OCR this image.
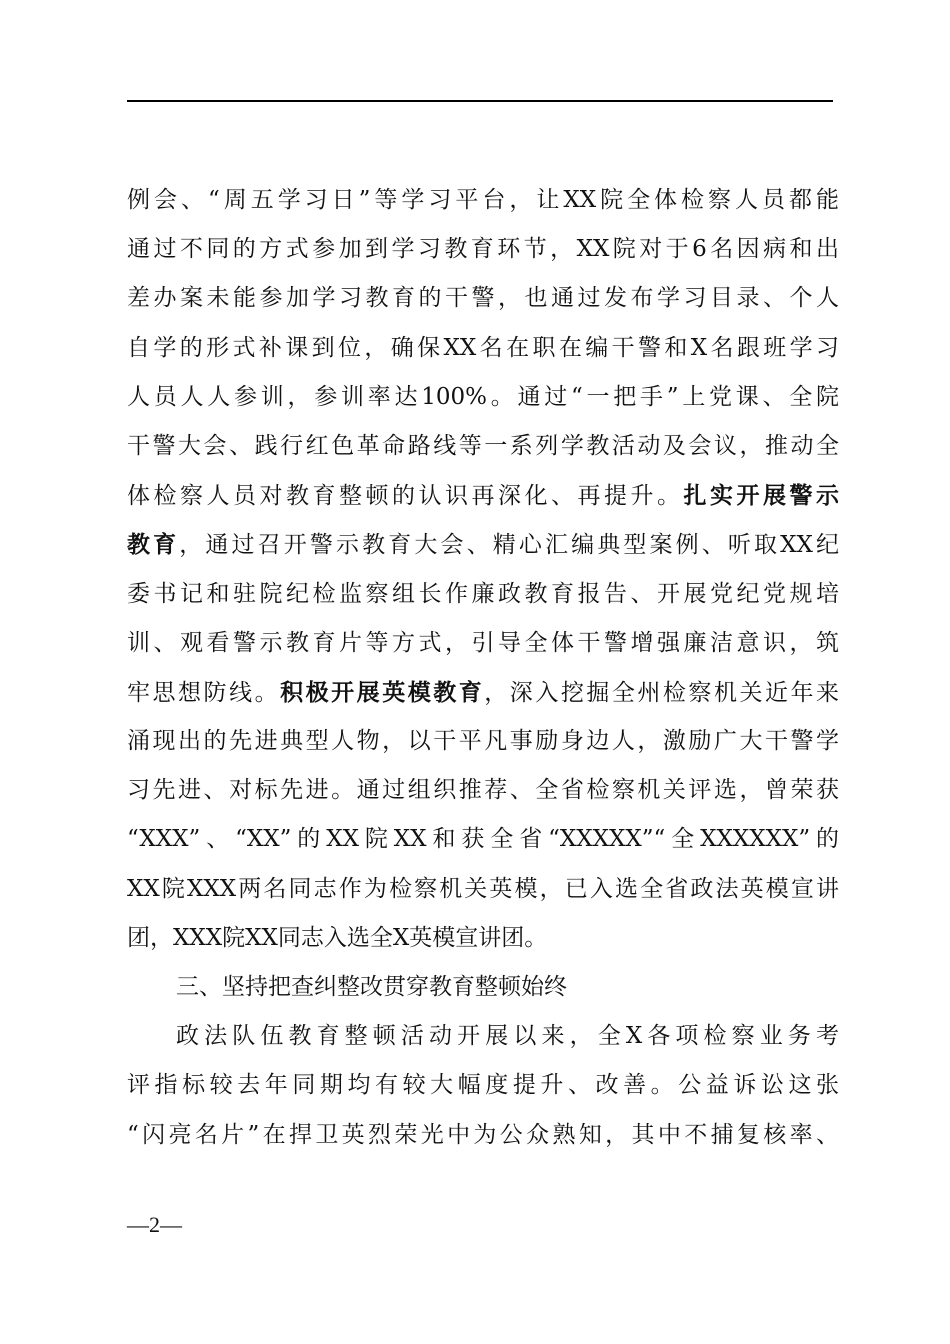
例会、“周五学习日”等学习平台，让XX院全体检察人员都能
通过不同的方式参加到学习教育环节，XX院对于6名因病和出
差办案未能参加学习教育的干警，也通过发布学习目录、个人
自学的形式补课到位，确保XX名在职在编干警和X名跟班学习
人员人人参训，参训率达100%。通过“一把手”上党课、全院
干警大会、践行红色革命路线等一系列学教活动及会议，推动全
体检察人员对教育整顿的认识再深化、再提升。扎实开展警示
教育，通过召开警示教育大会、精心汇编典型案例、听取XX纪
委书记和驻院纪检监察组长作廉政教育报告、开展党纪党规培
训、观看警示教育片等方式，引导全体干警增强廉洁意识，筑
牢思想防线。积极开展英模教育，深入挖掘全州检察机关近年来
涌现出的先进典型人物，以干平凡事励身边人，激励广大干警学
习先进、对标先进。通过组织推荐、全省检察机关评选，曾荣获
“XXX”、“XX”的XX院XX和获全省“XXXXX”“全XXXXXX”的
XX院XXX两名同志作为检察机关英模，已入选全省政法英模宣讲
团，XXX院XX同志入选全X英模宣讲团。
三、坚持把查纠整改贯穿教育整顿始终
政法队伍教育整顿活动开展以来，全X各项检察业务考
评指标较去年同期均有较大幅度提升、改善。公益诉讼这张
“闪亮名片”在捍卫英烈荣光中为公众熟知，其中不捕复核率、
—2—
